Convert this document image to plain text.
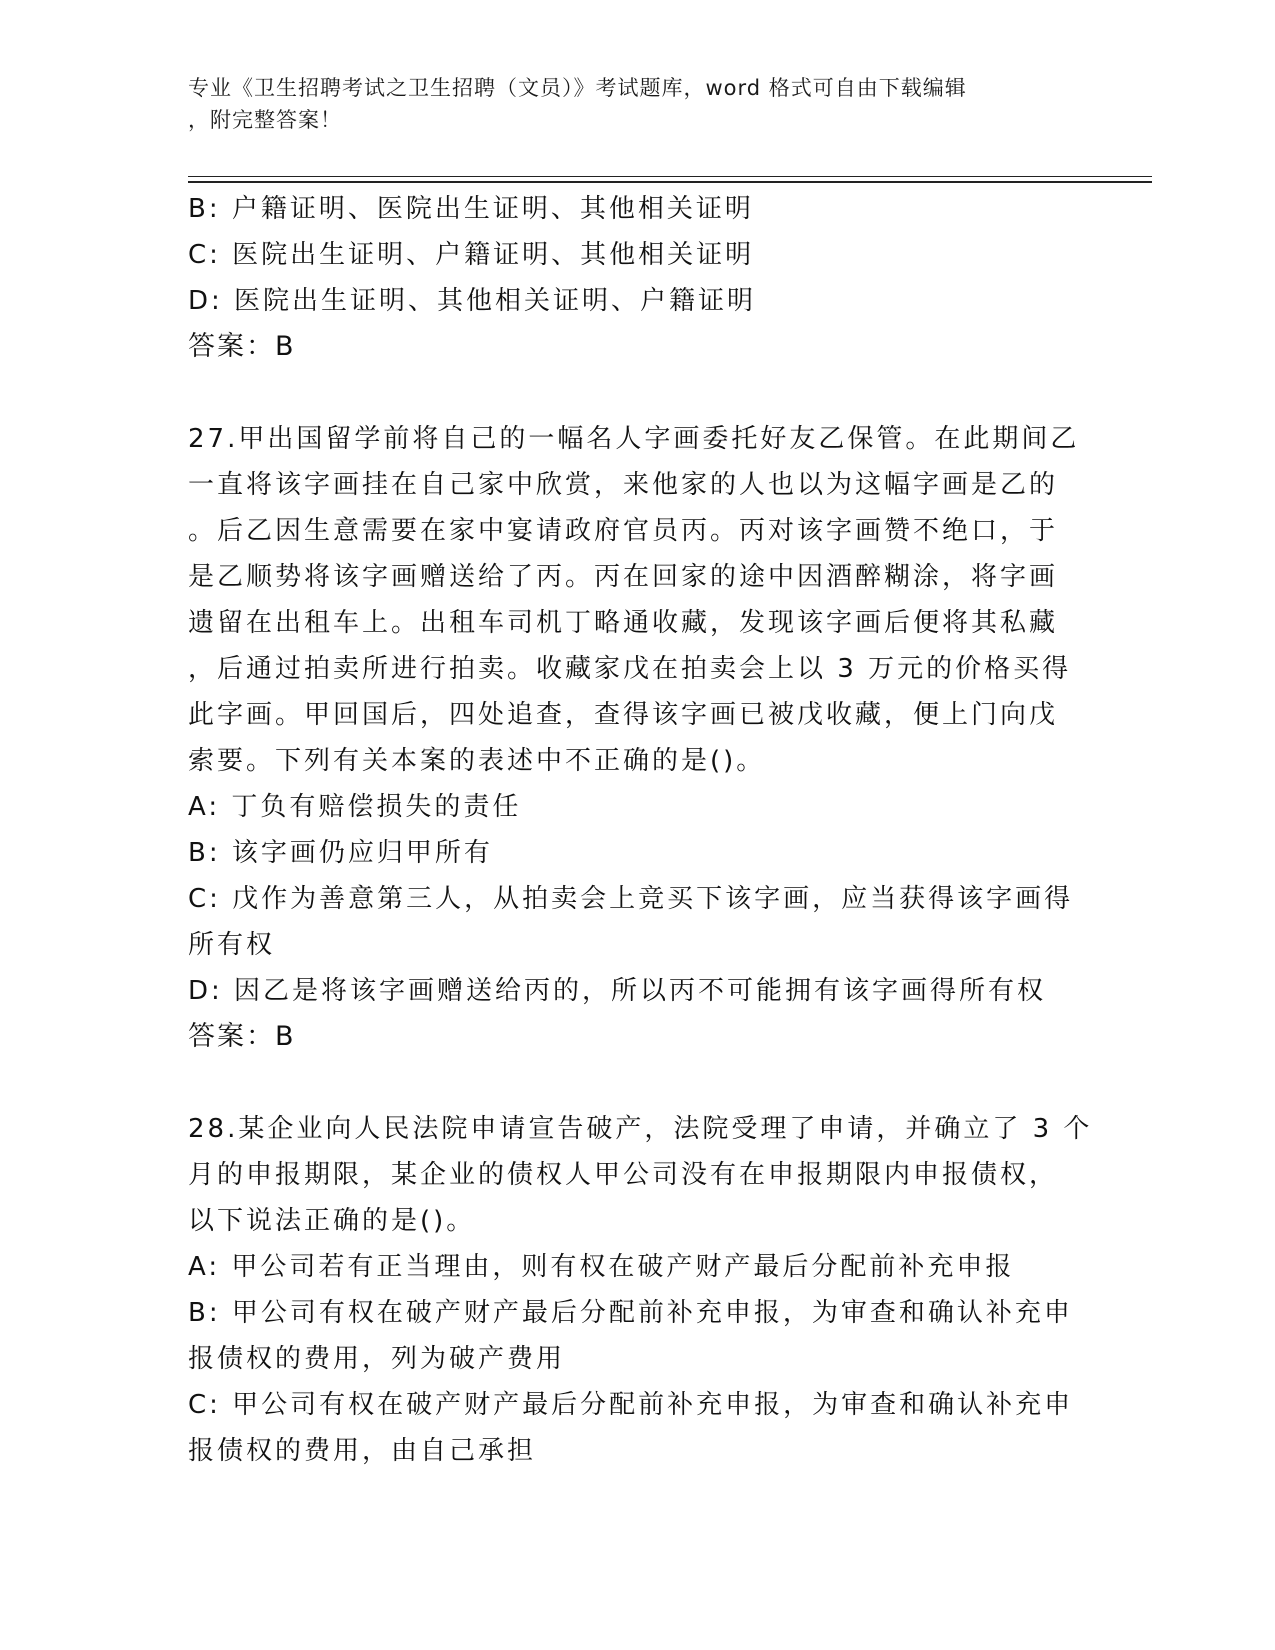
专业《卫生招聘考试之卫生招聘（文员）》考试题库，word 格式可自由下载编辑
，附完整答案！
B: 户籍证明、医院出生证明、其他相关证明
C: 医院出生证明、户籍证明、其他相关证明
D: 医院出生证明、其他相关证明、户籍证明
答案：B
27.甲出国留学前将自己的一幅名人字画委托好友乙保管。在此期间乙
一直将该字画挂在自己家中欣赏，来他家的人也以为这幅字画是乙的
。后乙因生意需要在家中宴请政府官员丙。丙对该字画赞不绝口，于
是乙顺势将该字画赠送给了丙。丙在回家的途中因酒醉糊涂，将字画
遗留在出租车上。出租车司机丁略通收藏，发现该字画后便将其私藏
，后通过拍卖所进行拍卖。收藏家戊在拍卖会上以 3 万元的价格买得
此字画。甲回国后，四处追查，查得该字画已被戊收藏，便上门向戊
索要。下列有关本案的表述中不正确的是()。
A: 丁负有赔偿损失的责任
B: 该字画仍应归甲所有
C: 戊作为善意第三人，从拍卖会上竞买下该字画，应当获得该字画得
所有权
D: 因乙是将该字画赠送给丙的，所以丙不可能拥有该字画得所有权
答案：B
28.某企业向人民法院申请宣告破产，法院受理了申请，并确立了 3 个
月的申报期限，某企业的债权人甲公司没有在申报期限内申报债权，
以下说法正确的是()。
A: 甲公司若有正当理由，则有权在破产财产最后分配前补充申报
B: 甲公司有权在破产财产最后分配前补充申报，为审查和确认补充申
报债权的费用，列为破产费用
C: 甲公司有权在破产财产最后分配前补充申报，为审查和确认补充申
报债权的费用，由自己承担
